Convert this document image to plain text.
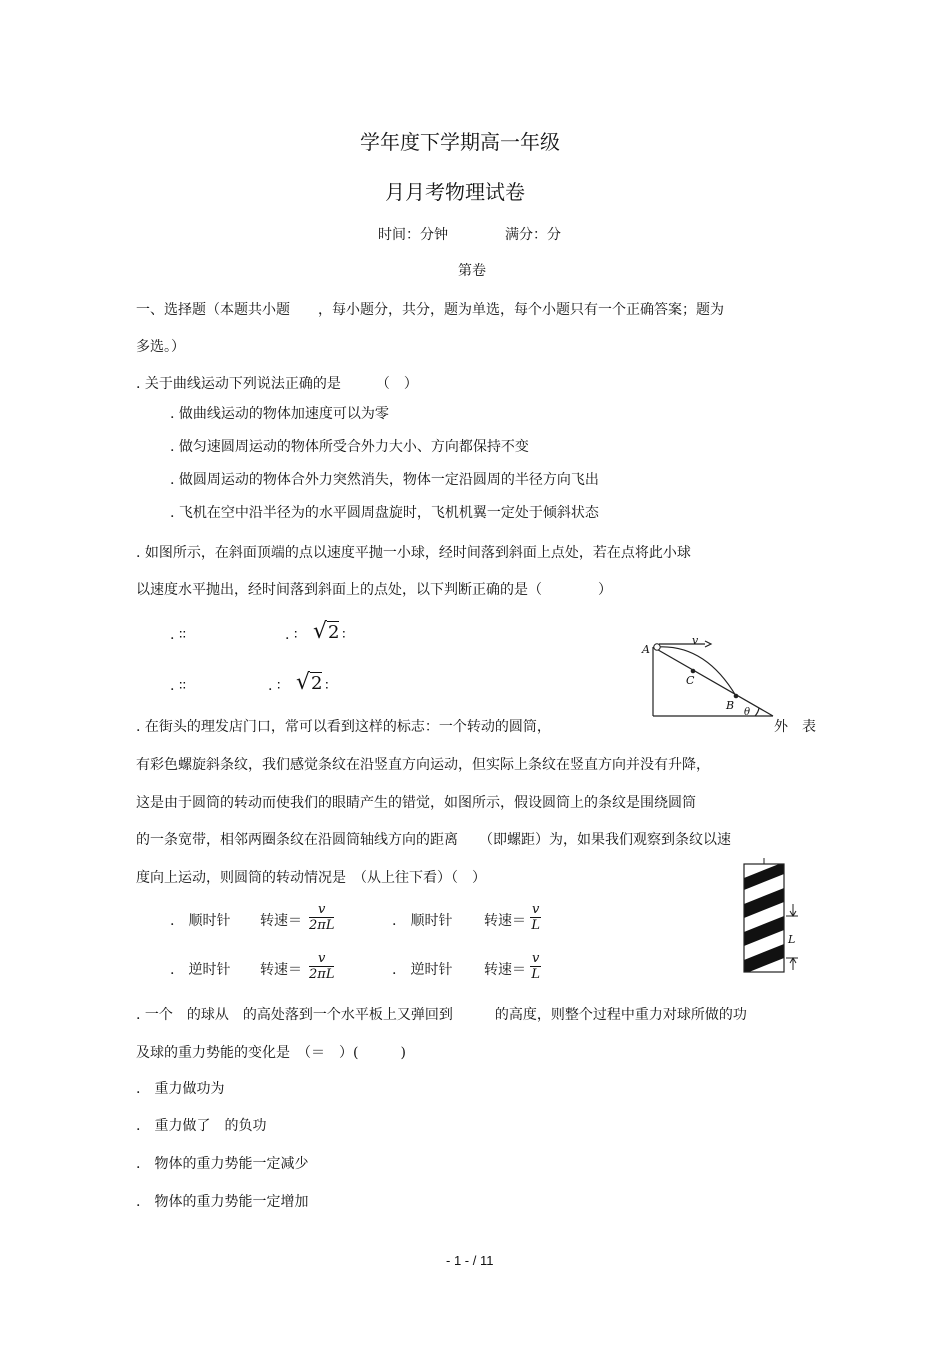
学年度下学期高一年级
月月考物理试卷
时间：分钟	满分：分
第卷
一、选择题（本题共小题　　，每小题分，共分，题为单选，每个小题只有一个正确答案；题为
多选。）
. 关于曲线运动下列说法正确的是　　　（　）
. 做曲线运动的物体加速度可以为零
. 做匀速圆周运动的物体所受合外力大小、方向都保持不变
. 做圆周运动的物体合外力突然消失，物体一定沿圆周的半径方向飞出
. 飞机在空中沿半径为的水平圆周盘旋时，飞机机翼一定处于倾斜状态
. 如图所示，在斜面顶端的点以速度平抛一小球，经时间落到斜面上点处，若在点将此小球
以速度水平抛出，经时间落到斜面上的点处，以下判断正确的是（　　　　）
. ∶∶	. ∶ √2 ∶
. ∶∶	. ∶ √2 ∶
A
v
C
B
θ
. 在街头的理发店门口，常可以看到这样的标志：一个转动的圆筒，	外　表
有彩色螺旋斜条纹，我们感觉条纹在沿竖直方向运动，但实际上条纹在竖直方向并没有升降，
这是由于圆筒的转动而使我们的眼睛产生的错觉，如图所示，假设圆筒上的条纹是围绕圆筒
的一条宽带，相邻两圈条纹在沿圆筒轴线方向的距离　　（即螺距）为，如果我们观察到条纹以速
度向上运动，则圆筒的转动情况是　（从上往下看）（　）
.　顺时针 转速＝ $\frac{v}{2\pi L}$	.　顺时针 转速＝ $\frac{v}{L}$
.　逆时针 转速＝ $\frac{v}{2\pi L}$	.　逆时针 转速＝ $\frac{v}{L}$
L
. 一个　的球从　的高处落到一个水平板上又弹回到　　　的高度，则整个过程中重力对球所做的功
及球的重力势能的变化是　（＝　）(　　　)
.　重力做功为
.　重力做了　的负功
.　物体的重力势能一定减少
.　物体的重力势能一定增加
- 1 - / 11
